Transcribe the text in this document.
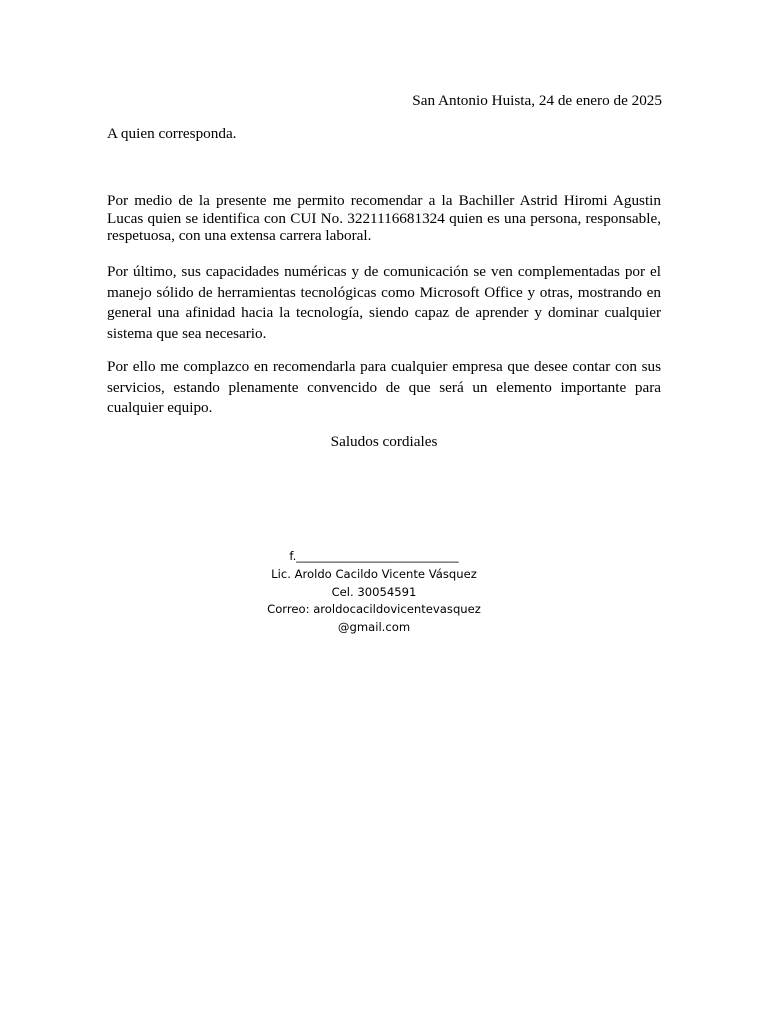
San Antonio Huista, 24 de enero de 2025
A quien corresponda.

Por medio de la presente me permito recomendar a la Bachiller Astrid Hiromi Agustin Lucas quien se identifica con CUI No. 3221116681324 quien es una persona, responsable, respetuosa, con una extensa carrera laboral.

Por último, sus capacidades numéricas y de comunicación se ven complementadas por el manejo sólido de herramientas tecnológicas como Microsoft Office y otras, mostrando en general una afinidad hacia la tecnología, siendo capaz de aprender y dominar cualquier sistema que sea necesario.

Por ello me complazco en recomendarla para cualquier empresa que desee contar con sus servicios, estando plenamente convencido de que será un elemento importante para cualquier equipo.

Saludos cordiales
f.____________________________
Lic. Aroldo Cacildo Vicente Vásquez
Cel. 30054591
Correo: aroldocacildovicentevasquez
@gmail.com
